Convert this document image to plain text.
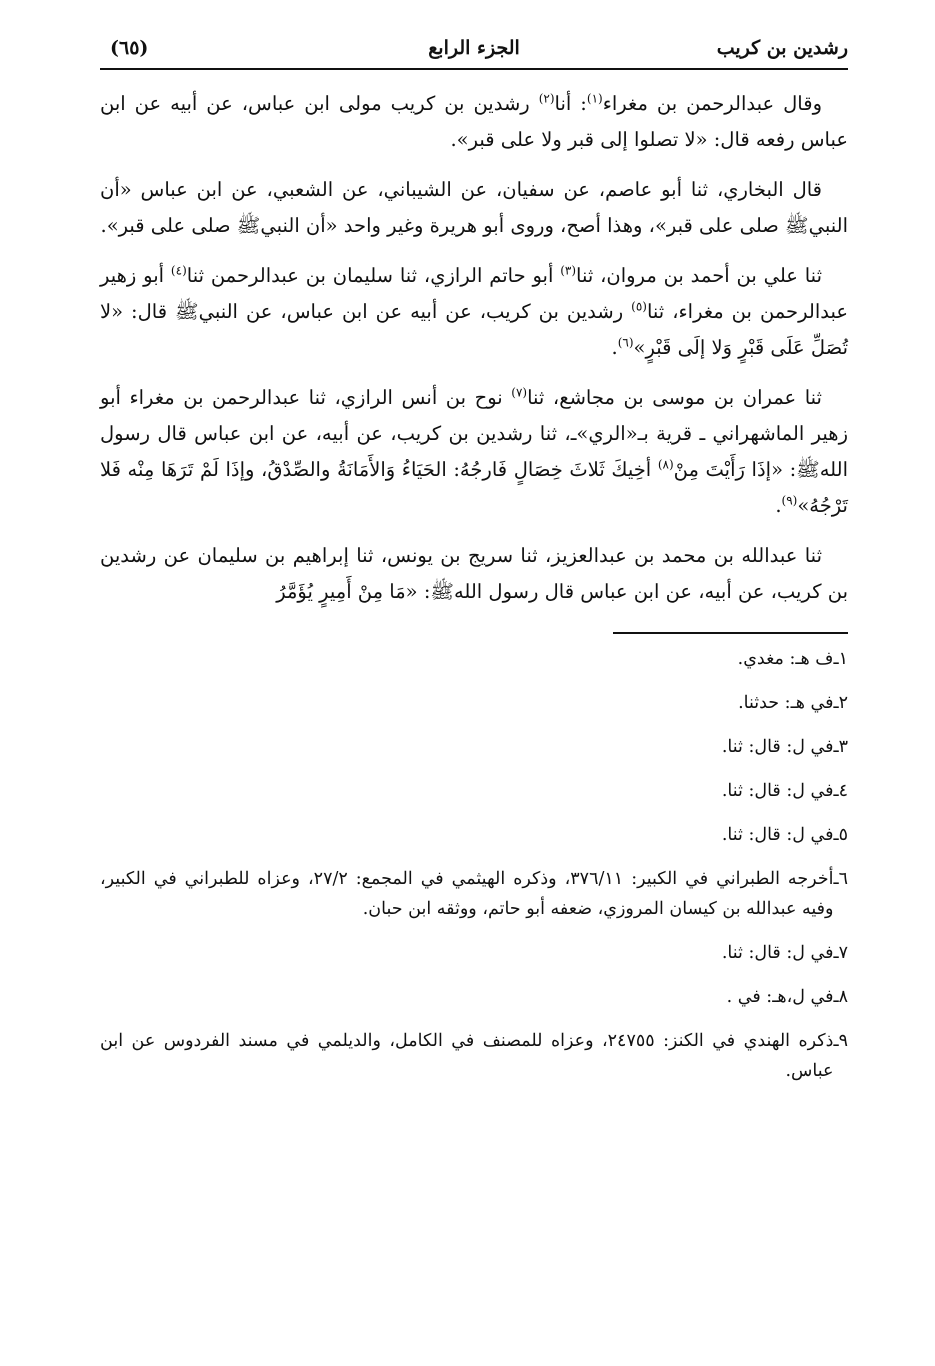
رشدين بن كريب
الجزء الرابع
(٦٥)

وقال عبدالرحمن بن مغراء$^{(١)}$: أنا$^{(٢)}$ رشدين بن كريب مولى ابن عباس، عن أبيه عن ابن عباس رفعه قال: «لا تصلوا إلى قبر ولا على قبر».

قال البخاري، ثنا أبو عاصم، عن سفيان، عن الشيباني، عن الشعبي، عن ابن عباس «أن النبيﷺ صلى على قبر»، وهذا أصح، وروى أبو هريرة وغير واحد «أن النبيﷺ صلى على قبر».

ثنا علي بن أحمد بن مروان، ثنا$^{(٣)}$ أبو حاتم الرازي، ثنا سليمان بن عبدالرحمن ثنا$^{(٤)}$ أبو زهير عبدالرحمن بن مغراء، ثنا$^{(٥)}$ رشدين بن كريب، عن أبيه عن ابن عباس، عن النبيﷺ قال: «لا تُصَلِّ عَلَى قَبْرٍ وَلا إلَى قَبْرٍ»$^{(٦)}$.

ثنا عمران بن موسى بن مجاشع، ثنا$^{(٧)}$ نوح بن أنس الرازي، ثنا عبدالرحمن بن مغراء أبو زهير الماشهراني ـ قرية بـ«الري»ـ، ثنا رشدين بن كريب، عن أبيه، عن ابن عباس قال رسول اللهﷺ: «إذَا رَأَيْتَ مِنْ$^{(٨)}$ أخِيكَ ثَلاثَ خِصَالٍ فَارجُهُ: الحَيَاءُ وَالأَمَانَةُ والصِّدْقُ، وإذَا لَمْ تَرَهَا مِنْه فَلا تَرْجُهُ»$^{(٩)}$.

ثنا عبدالله بن محمد بن عبدالعزيز، ثنا سريج بن يونس، ثنا إبراهيم بن سليمان عن رشدين بن كريب، عن أبيه، عن ابن عباس قال رسول اللهﷺ: «مَا مِنْ أَمِيرٍ يُؤَمَّرُ

١ـ
ف هـ: مغدي.
٢ـ
في هـ: حدثنا.
٣ـ
في ل: قال: ثنا.
٤ـ
في ل: قال: ثنا.
٥ـ
في ل: قال: ثنا.
٦ـ
أخرجه الطبراني في الكبير: ٣٧٦/١١، وذكره الهيثمي في المجمع: ٢٧/٢، وعزاه للطبراني في الكبير، وفيه عبدالله بن كيسان المروزي، ضعفه أبو حاتم، ووثقه ابن حبان.
٧ـ
في ل: قال: ثنا.
٨ـ
في ل،هـ: في .
٩ـ
ذكره الهندي في الكنز: ٢٤٧٥٥، وعزاه للمصنف في الكامل، والديلمي في مسند الفردوس عن ابن عباس.
